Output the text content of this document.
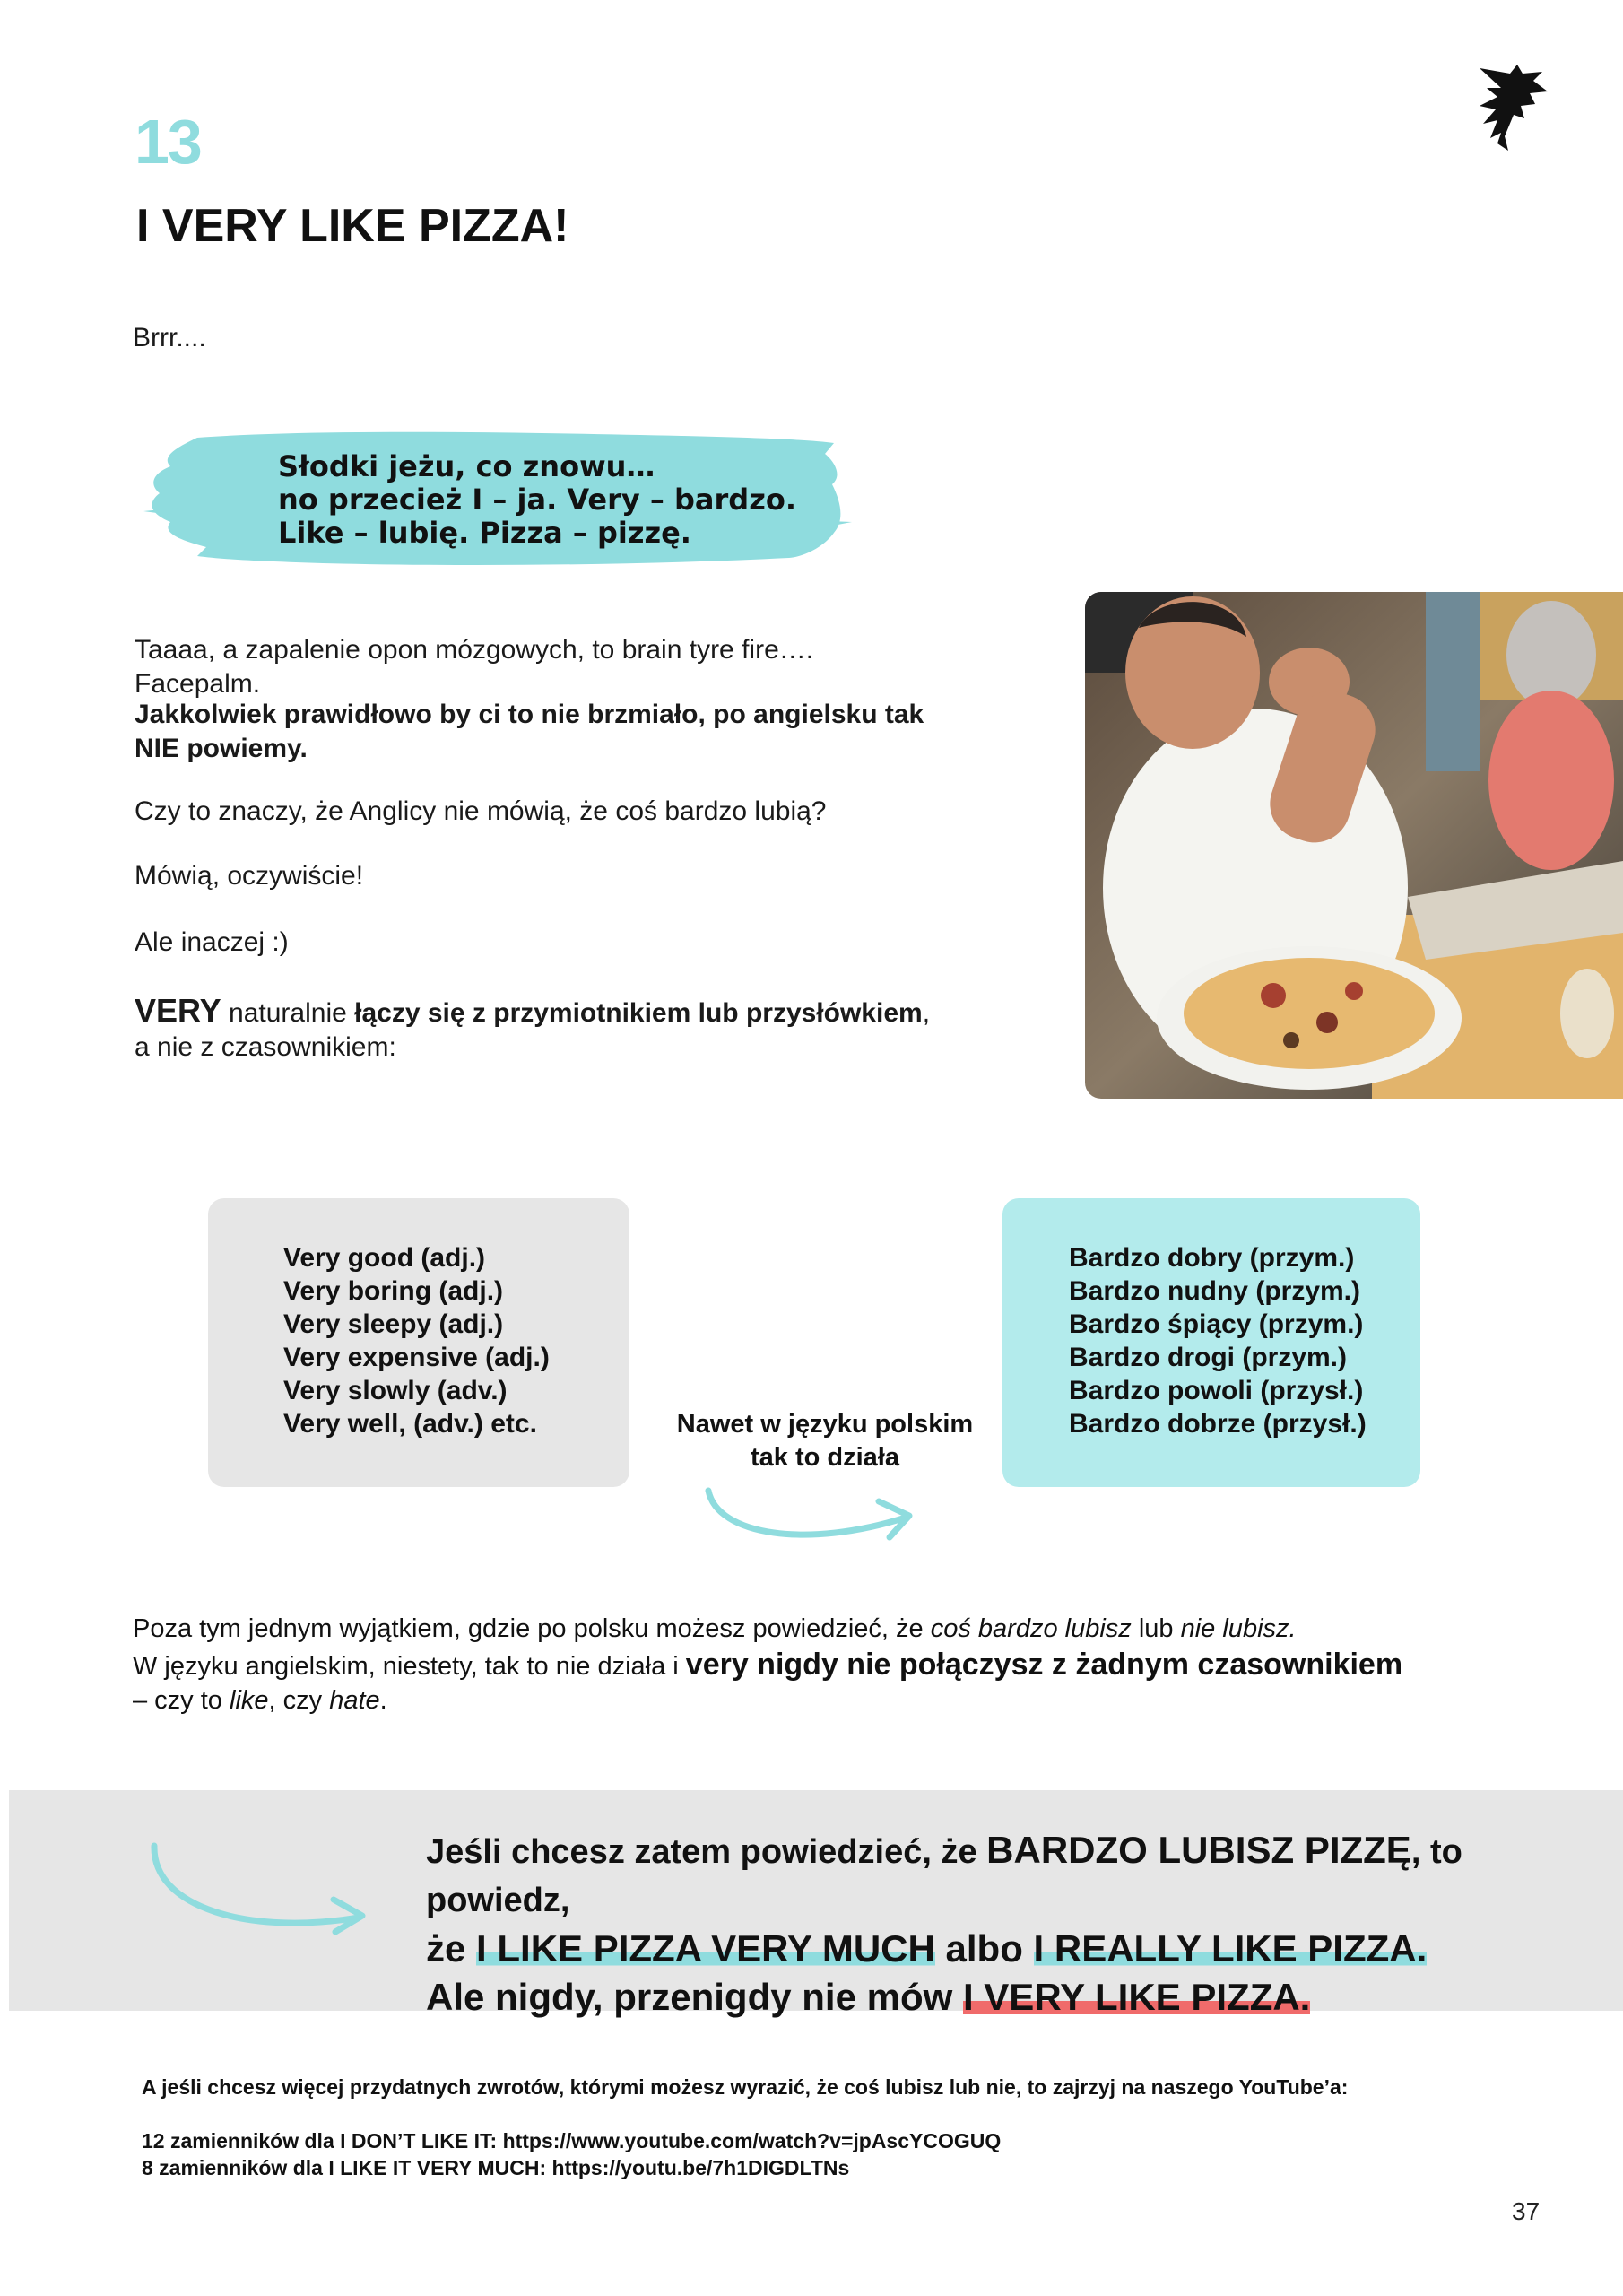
13
I VERY LIKE PIZZA!
Brrr....
Słodki jeżu, co znowu…
no przecież I – ja. Very – bardzo.
Like – lubię. Pizza – pizzę.
Taaaa, a zapalenie opon mózgowych, to brain tyre fire…. Facepalm.
Jakkolwiek prawidłowo by ci to nie brzmiało, po angielsku tak NIE powiemy.
Czy to znaczy, że Anglicy nie mówią, że coś bardzo lubią?
Mówią, oczywiście!
Ale inaczej :)
VERY naturalnie łączy się z przymiotnikiem lub przysłówkiem, a nie z czasownikiem:
Very good (adj.)
Very boring (adj.)
Very sleepy (adj.)
Very expensive (adj.)
Very slowly (adv.)
Very well, (adv.) etc.
Bardzo dobry (przym.)
Bardzo nudny (przym.)
Bardzo śpiący (przym.)
Bardzo drogi (przym.)
Bardzo powoli (przysł.)
Bardzo dobrze (przysł.)
Nawet w języku polskim
tak to działa
Poza tym jednym wyjątkiem, gdzie po polsku możesz powiedzieć, że coś bardzo lubisz lub nie lubisz.
W języku angielskim, niestety, tak to nie działa i very nigdy nie połączysz z żadnym czasownikiem
– czy to like, czy hate.
Jeśli chcesz zatem powiedzieć, że BARDZO LUBISZ PIZZĘ, to powiedz,
że I LIKE PIZZA VERY MUCH albo I REALLY LIKE PIZZA.
Ale nigdy, przenigdy nie mów I VERY LIKE PIZZA.
A jeśli chcesz więcej przydatnych zwrotów, którymi możesz wyrazić, że coś lubisz lub nie, to zajrzyj na naszego YouTube’a:
12 zamienników dla I DON’T LIKE IT: https://www.youtube.com/watch?v=jpAscYCOGUQ
8 zamienników dla I LIKE IT VERY MUCH: https://youtu.be/7h1DIGDLTNs
37
